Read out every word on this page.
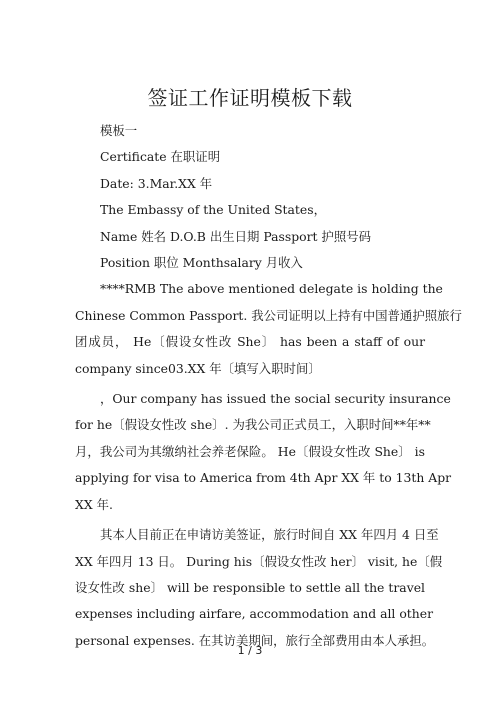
签证工作证明模板下载
模板一
Certificate 在职证明
Date: 3.Mar.XX 年
The Embassy of the United States，
Name 姓名 D.O.B 出生日期 Passport 护照号码
Position 职位 Monthsalary 月收入
****RMB The above mentioned delegate is holding the
Chinese Common Passport. 我公司证明以上持有中国普通护照旅行
团成员， He〔假设女性改 She〕 has been a staff of our
company since03.XX 年〔填写入职时间〕
，Our company has issued the social security insurance
for he〔假设女性改 she〕. 为我公司正式员工，入职时间**年**
月，我公司为其缴纳社会养老保险。 He〔假设女性改 She〕 is
applying for visa to America from 4th Apr XX 年 to 13th Apr
XX 年.
其本人目前正在申请访美签证，旅行时间自 XX 年四月 4 日至
XX 年四月 13 日。 During his〔假设女性改 her〕 visit, he〔假
设女性改 she〕 will be responsible to settle all the travel
expenses including airfare, accommodation and all other
personal expenses. 在其访美期间，旅行全部费用由本人承担。
1 / 3
